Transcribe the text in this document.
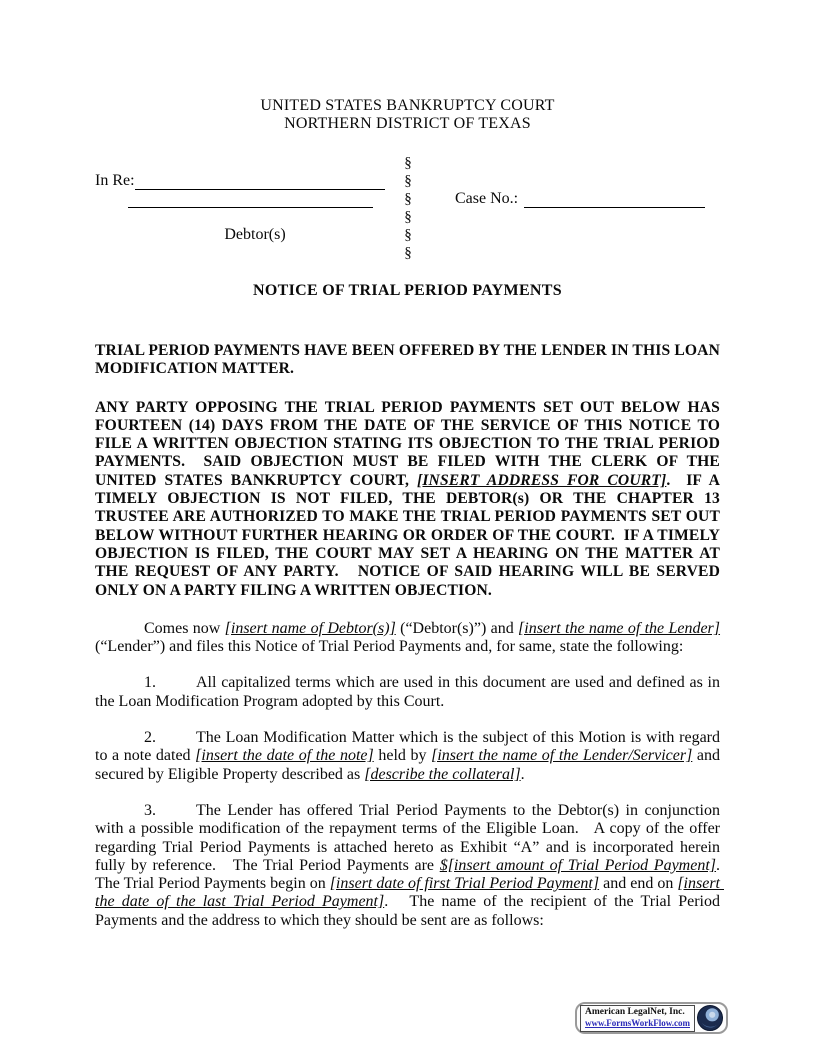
UNITED STATES BANKRUPTCY COURT
NORTHERN DISTRICT OF TEXAS
§
In Re:	§
§	Case No.:
§
Debtor(s)	§
§
NOTICE OF TRIAL PERIOD PAYMENTS

TRIAL PERIOD PAYMENTS HAVE BEEN OFFERED BY THE LENDER IN THIS LOAN MODIFICATION MATTER.

ANY PARTY OPPOSING THE TRIAL PERIOD PAYMENTS SET OUT BELOW HAS FOURTEEN (14) DAYS FROM THE DATE OF THE SERVICE OF THIS NOTICE TO FILE A WRITTEN OBJECTION STATING ITS OBJECTION TO THE TRIAL PERIOD PAYMENTS.  SAID OBJECTION MUST BE FILED WITH THE CLERK OF THE UNITED STATES BANKRUPTCY COURT, [INSERT ADDRESS FOR COURT].  IF A TIMELY OBJECTION IS NOT FILED, THE DEBTOR(s) OR THE CHAPTER 13 TRUSTEE ARE AUTHORIZED TO MAKE THE TRIAL PERIOD PAYMENTS SET OUT BELOW WITHOUT FURTHER HEARING OR ORDER OF THE COURT.  IF A TIMELY OBJECTION IS FILED, THE COURT MAY SET A HEARING ON THE MATTER AT THE REQUEST OF ANY PARTY.   NOTICE OF SAID HEARING WILL BE SERVED ONLY ON A PARTY FILING A WRITTEN OBJECTION.

Comes now [insert name of Debtor(s)] (“Debtor(s)”) and [insert the name of the Lender] (“Lender”) and files this Notice of Trial Period Payments and, for same, state the following:

1.	All capitalized terms which are used in this document are used and defined as in the Loan Modification Program adopted by this Court.

2.	The Loan Modification Matter which is the subject of this Motion is with regard to a note dated [insert the date of the note] held by [insert the name of the Lender/Servicer] and secured by Eligible Property described as [describe the collateral].

3.	The Lender has offered Trial Period Payments to the Debtor(s) in conjunction with a possible modification of the repayment terms of the Eligible Loan.   A copy of the offer regarding Trial Period Payments is attached hereto as Exhibit “A” and is incorporated herein fully by reference.   The Trial Period Payments are $[insert amount of Trial Period Payment].  The Trial Period Payments begin on [insert date of first Trial Period Payment] and end on [insert the date of the last Trial Period Payment].   The name of the recipient of the Trial Period Payments and the address to which they should be sent are as follows:

American LegalNet, Inc.
www.FormsWorkFlow.com
